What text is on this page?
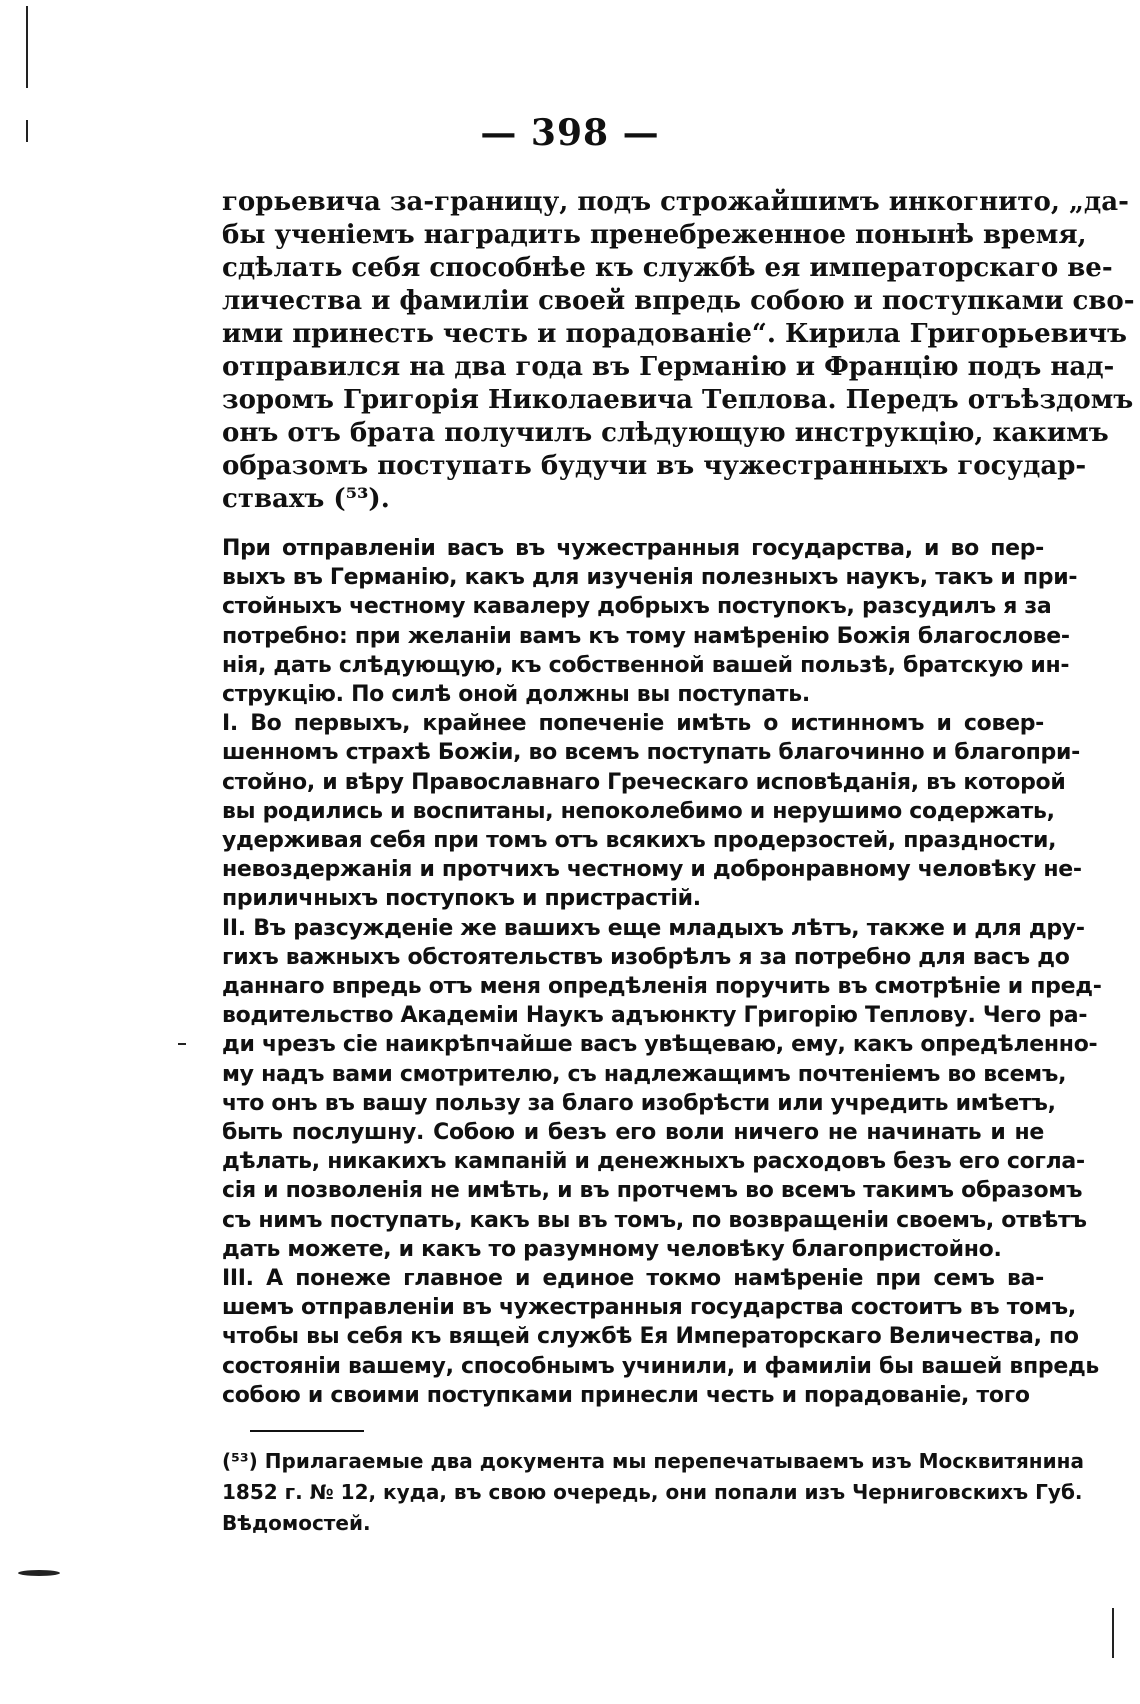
— 398 —
горьевича за-границу, подъ строжайшимъ инкогнито, „да-
бы ученіемъ наградить пренебреженное понынѣ время,
сдѣлать себя способнѣе къ службѣ ея императорскаго ве-
личества и фамиліи своей впредь собою и поступками сво-
ими принесть честь и порадованіе“. Кирила Григорьевичъ
отправился на два года въ Германію и Францію подъ над-
зоромъ Григорія Николаевича Теплова. Передъ отъѣздомъ
онъ отъ брата получилъ слѣдующую инструкцію, какимъ
образомъ поступать будучи въ чужестранныхъ государ-
ствахъ (⁵³).
При отправленіи васъ въ чужестранныя государства, и во пер-
выхъ въ Германію, какъ для изученія полезныхъ наукъ, такъ и при-
стойныхъ честному кавалеру добрыхъ поступокъ, разсудилъ я за
потребно: при желаніи вамъ къ тому намѣренію Божія благослове-
нія, дать слѣдующую, къ собственной вашей пользѣ, братскую ин-
струкцію. По силѣ оной должны вы поступать.
I. Во первыхъ, крайнее попеченіе имѣть о истинномъ и совер-
шенномъ страхѣ Божіи, во всемъ поступать благочинно и благопри-
стойно, и вѣру Православнаго Греческаго исповѣданія, въ которой
вы родились и воспитаны, непоколебимо и нерушимо содержать,
удерживая себя при томъ отъ всякихъ продерзостей, праздности,
невоздержанія и протчихъ честному и добронравному человѣку не-
приличныхъ поступокъ и пристрастій.
II. Въ разсужденіе же вашихъ еще младыхъ лѣтъ, также и для дру-
гихъ важныхъ обстоятельствъ изобрѣлъ я за потребно для васъ до
даннаго впредь отъ меня опредѣленія поручить въ смотрѣніе и пред-
водительство Академіи Наукъ адъюнкту Григорію Теплову. Чего ра-
ди чрезъ сіе наикрѣпчайше васъ увѣщеваю, ему, какъ опредѣленно-
му надъ вами смотрителю, съ надлежащимъ почтеніемъ во всемъ,
что онъ въ вашу пользу за благо изобрѣсти или учредить имѣетъ,
быть послушну. Собою и безъ его воли ничего не начинать и не
дѣлать, никакихъ кампаній и денежныхъ расходовъ безъ его согла-
сія и позволенія не имѣть, и въ протчемъ во всемъ такимъ образомъ
съ нимъ поступать, какъ вы въ томъ, по возвращеніи своемъ, отвѣтъ
дать можете, и какъ то разумному человѣку благопристойно.
III. А понеже главное и единое токмо намѣреніе при семъ ва-
шемъ отправленіи въ чужестранныя государства состоитъ въ томъ,
чтобы вы себя къ вящей службѣ Ея Императорскаго Величества, по
состояніи вашему, способнымъ учинили, и фамиліи бы вашей впредь
собою и своими поступками принесли честь и порадованіе, того
(⁵³) Прилагаемые два документа мы перепечатываемъ изъ Москвитянина
1852 г. № 12, куда, въ свою очередь, они попали изъ Черниговскихъ Губ.
Вѣдомостей.
